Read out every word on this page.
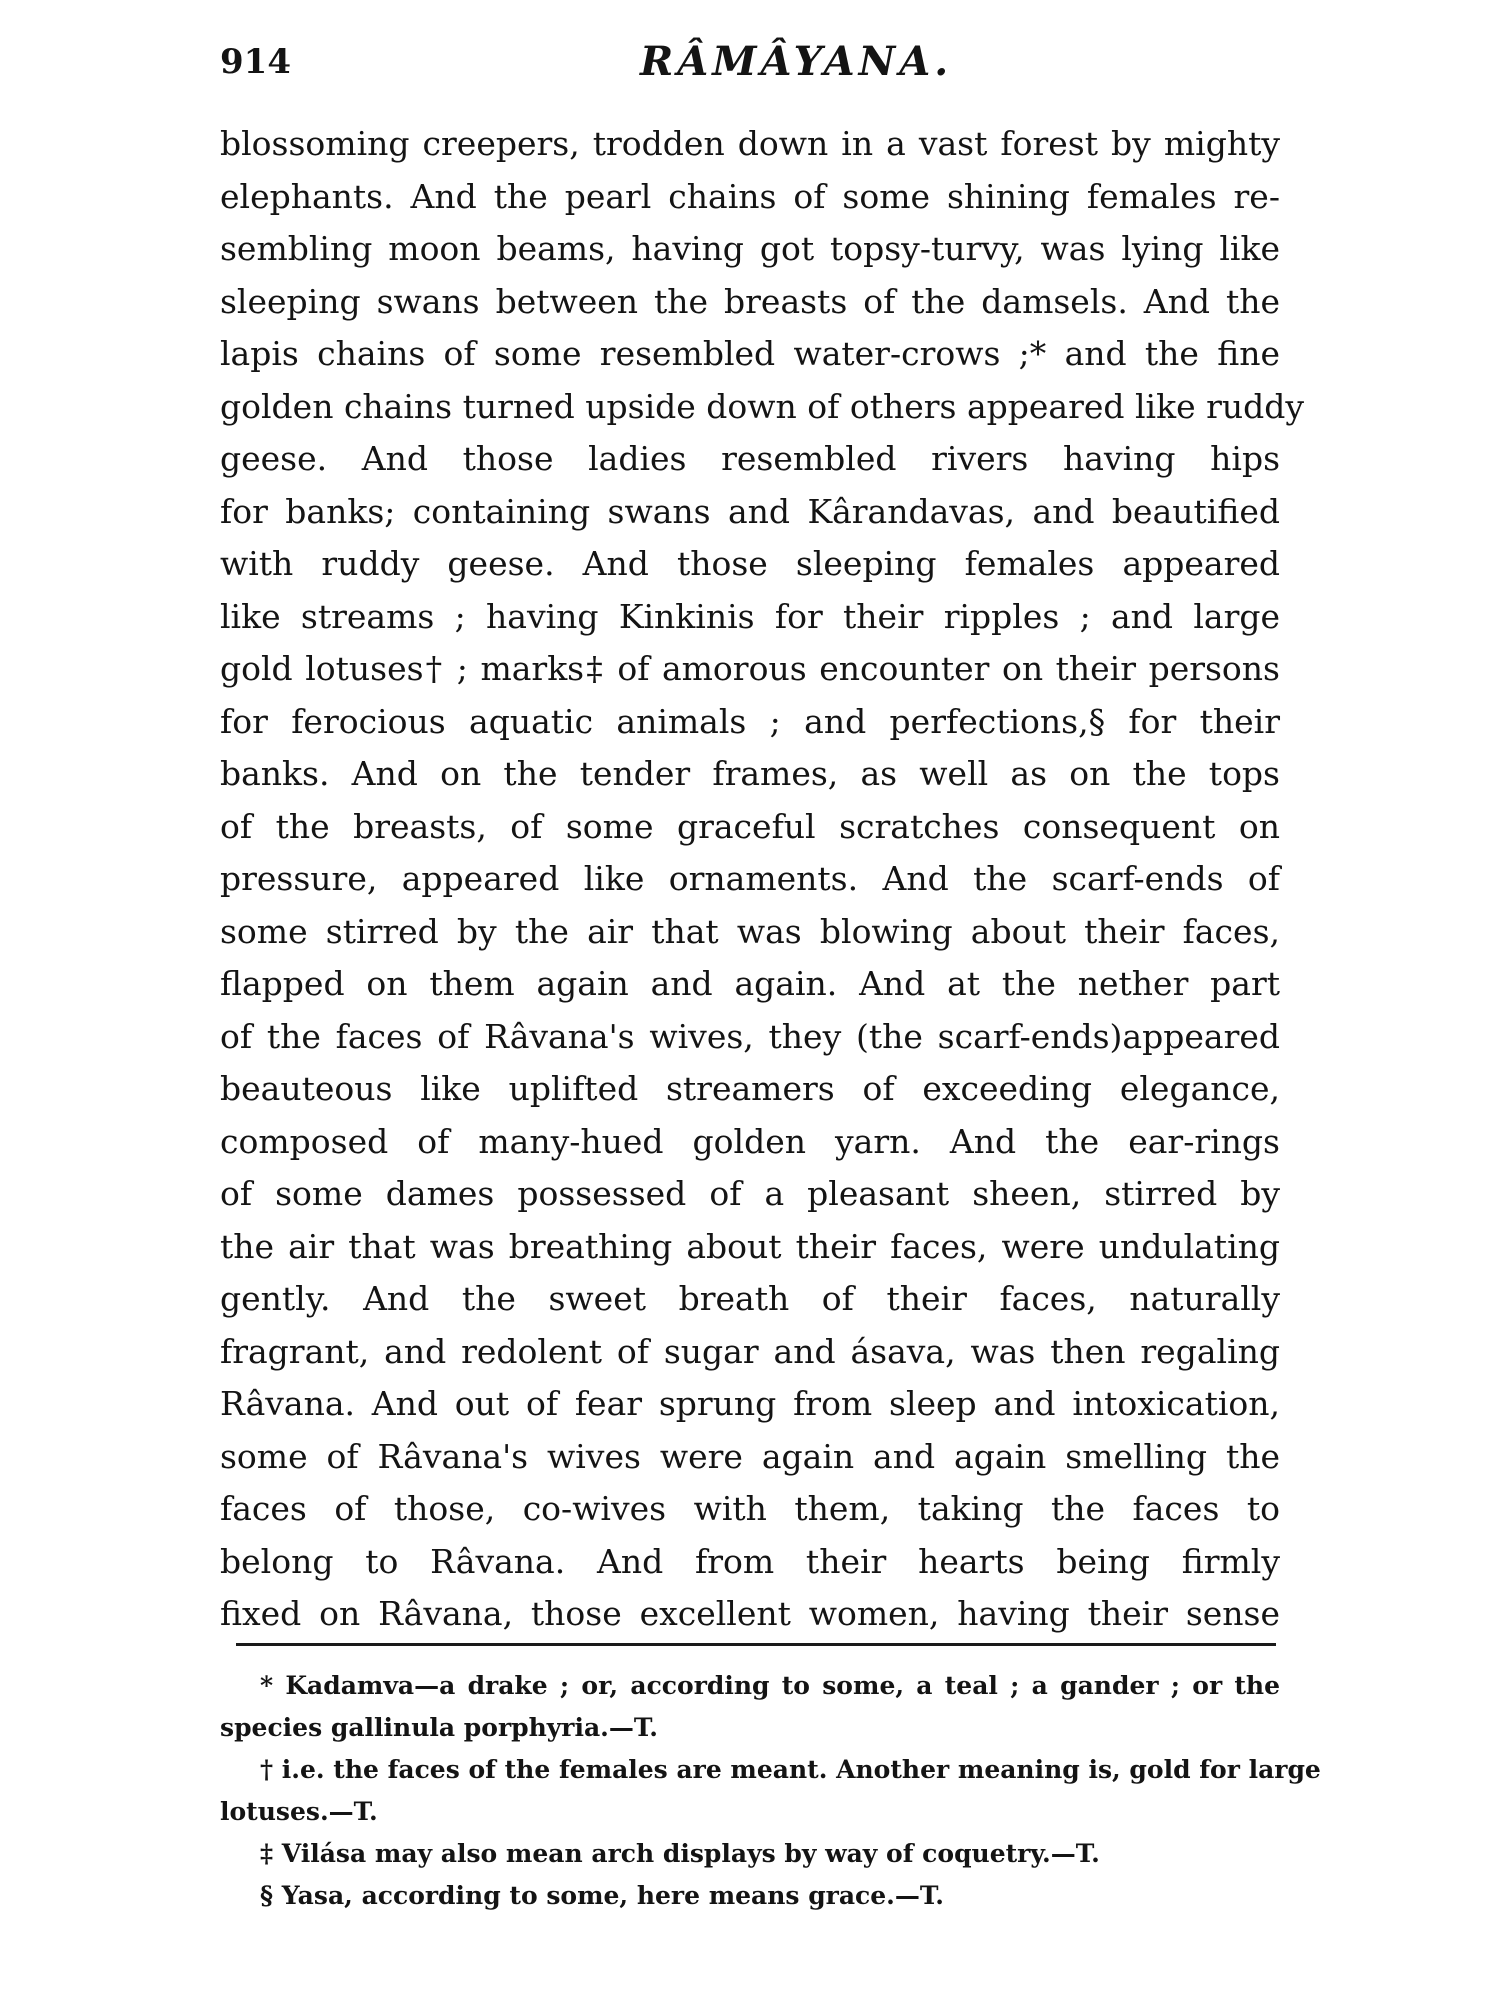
914	RÂMÂYANA.
blossoming creepers, trodden down in a vast forest by mighty
elephants. And the pearl chains of some shining females re-
sembling moon beams, having got topsy-turvy, was lying like
sleeping swans between the breasts of the damsels. And the
lapis chains of some resembled water-crows ;* and the fine
golden chains turned upside down of others appeared like ruddy
geese. And those ladies resembled rivers having hips
for banks; containing swans and Kârandavas, and beautified
with ruddy geese. And those sleeping females appeared
like streams ; having Kinkinis for their ripples ; and large
gold lotuses† ; marks‡ of amorous encounter on their persons
for ferocious aquatic animals ; and perfections,§ for their
banks. And on the tender frames, as well as on the tops
of the breasts, of some graceful scratches consequent on
pressure, appeared like ornaments. And the scarf-ends of
some stirred by the air that was blowing about their faces,
flapped on them again and again. And at the nether part
of the faces of Râvana's wives, they (the scarf-ends)appeared
beauteous like uplifted streamers of exceeding elegance,
composed of many-hued golden yarn. And the ear-rings
of some dames possessed of a pleasant sheen, stirred by
the air that was breathing about their faces, were undulating
gently. And the sweet breath of their faces, naturally
fragrant, and redolent of sugar and ásava, was then regaling
Râvana. And out of fear sprung from sleep and intoxication,
some of Râvana's wives were again and again smelling the
faces of those, co-wives with them, taking the faces to
belong to Râvana. And from their hearts being firmly
fixed on Râvana, those excellent women, having their sense
* Kadamva—a drake ; or, according to some, a teal ; a gander ; or the
species gallinula porphyria.—T.
† i.e. the faces of the females are meant. Another meaning is, gold for large
lotuses.—T.
‡ Vilása may also mean arch displays by way of coquetry.—T.
§ Yasa, according to some, here means grace.—T.
